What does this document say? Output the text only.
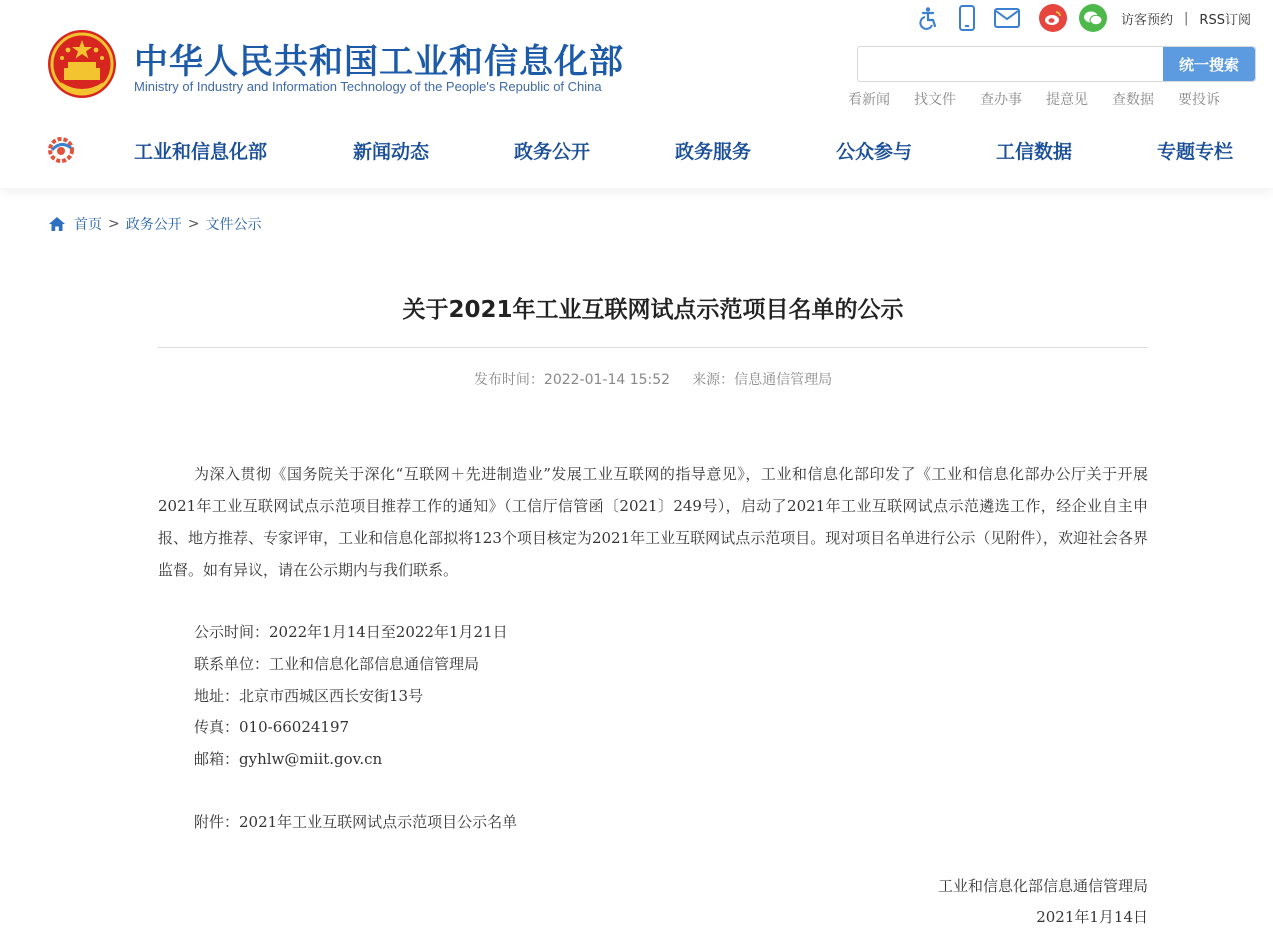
中华人民共和国工业和信息化部
Ministry of Industry and Information Technology of the People's Republic of China
访客预约 | RSS订阅
统一搜索
看新闻 找文件 查办事 提意见 查数据 要投诉
工业和信息化部	新闻动态	政务公开	政务服务	公众参与	工信数据	专题专栏
首页 > 政务公开 > 文件公示
关于2021年工业互联网试点示范项目名单的公示
发布时间：2022-01-14 15:52 来源：信息通信管理局
为深入贯彻《国务院关于深化“互联网＋先进制造业”发展工业互联网的指导意见》，工业和信息化部印发了《工业和信息化部办公厅关于开展2021年工业互联网试点示范项目推荐工作的通知》（工信厅信管函〔2021〕249号），启动了2021年工业互联网试点示范遴选工作，经企业自主申报、地方推荐、专家评审，工业和信息化部拟将123个项目核定为2021年工业互联网试点示范项目。现对项目名单进行公示（见附件），欢迎社会各界监督。如有异议，请在公示期内与我们联系。
公示时间：2022年1月14日至2022年1月21日
联系单位：工业和信息化部信息通信管理局
地址：北京市西城区西长安街13号
传真：010-66024197
邮箱：gyhlw@miit.gov.cn
附件：2021年工业互联网试点示范项目公示名单
工业和信息化部信息通信管理局
2021年1月14日
